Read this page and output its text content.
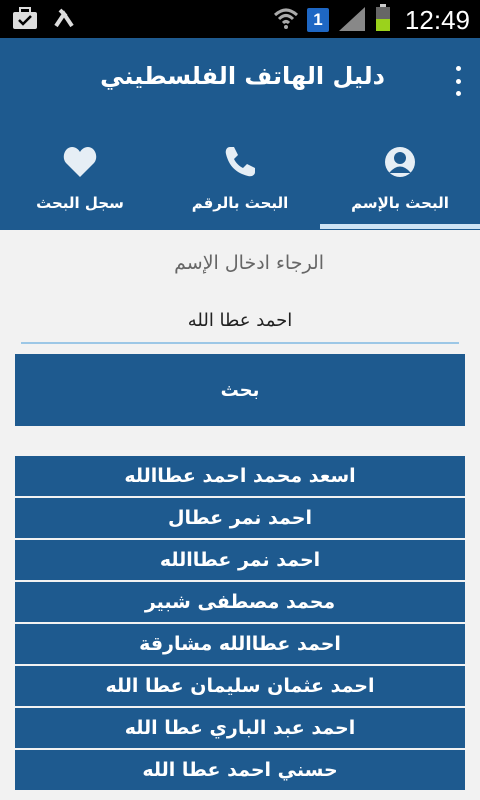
1	12:49
دليل الهاتف الفلسطيني
البحث بالإسم
البحث بالرقم
سجل البحث
الرجاء ادخال الإسم
احمد عطا الله
بحث
اسعد محمد احمد عطاالله
احمد نمر عطال
احمد نمر عطاالله
محمد مصطفى شبير
احمد عطاالله مشارقة
احمد عثمان سليمان عطا الله
احمد عبد الباري عطا الله
حسني احمد عطا الله
